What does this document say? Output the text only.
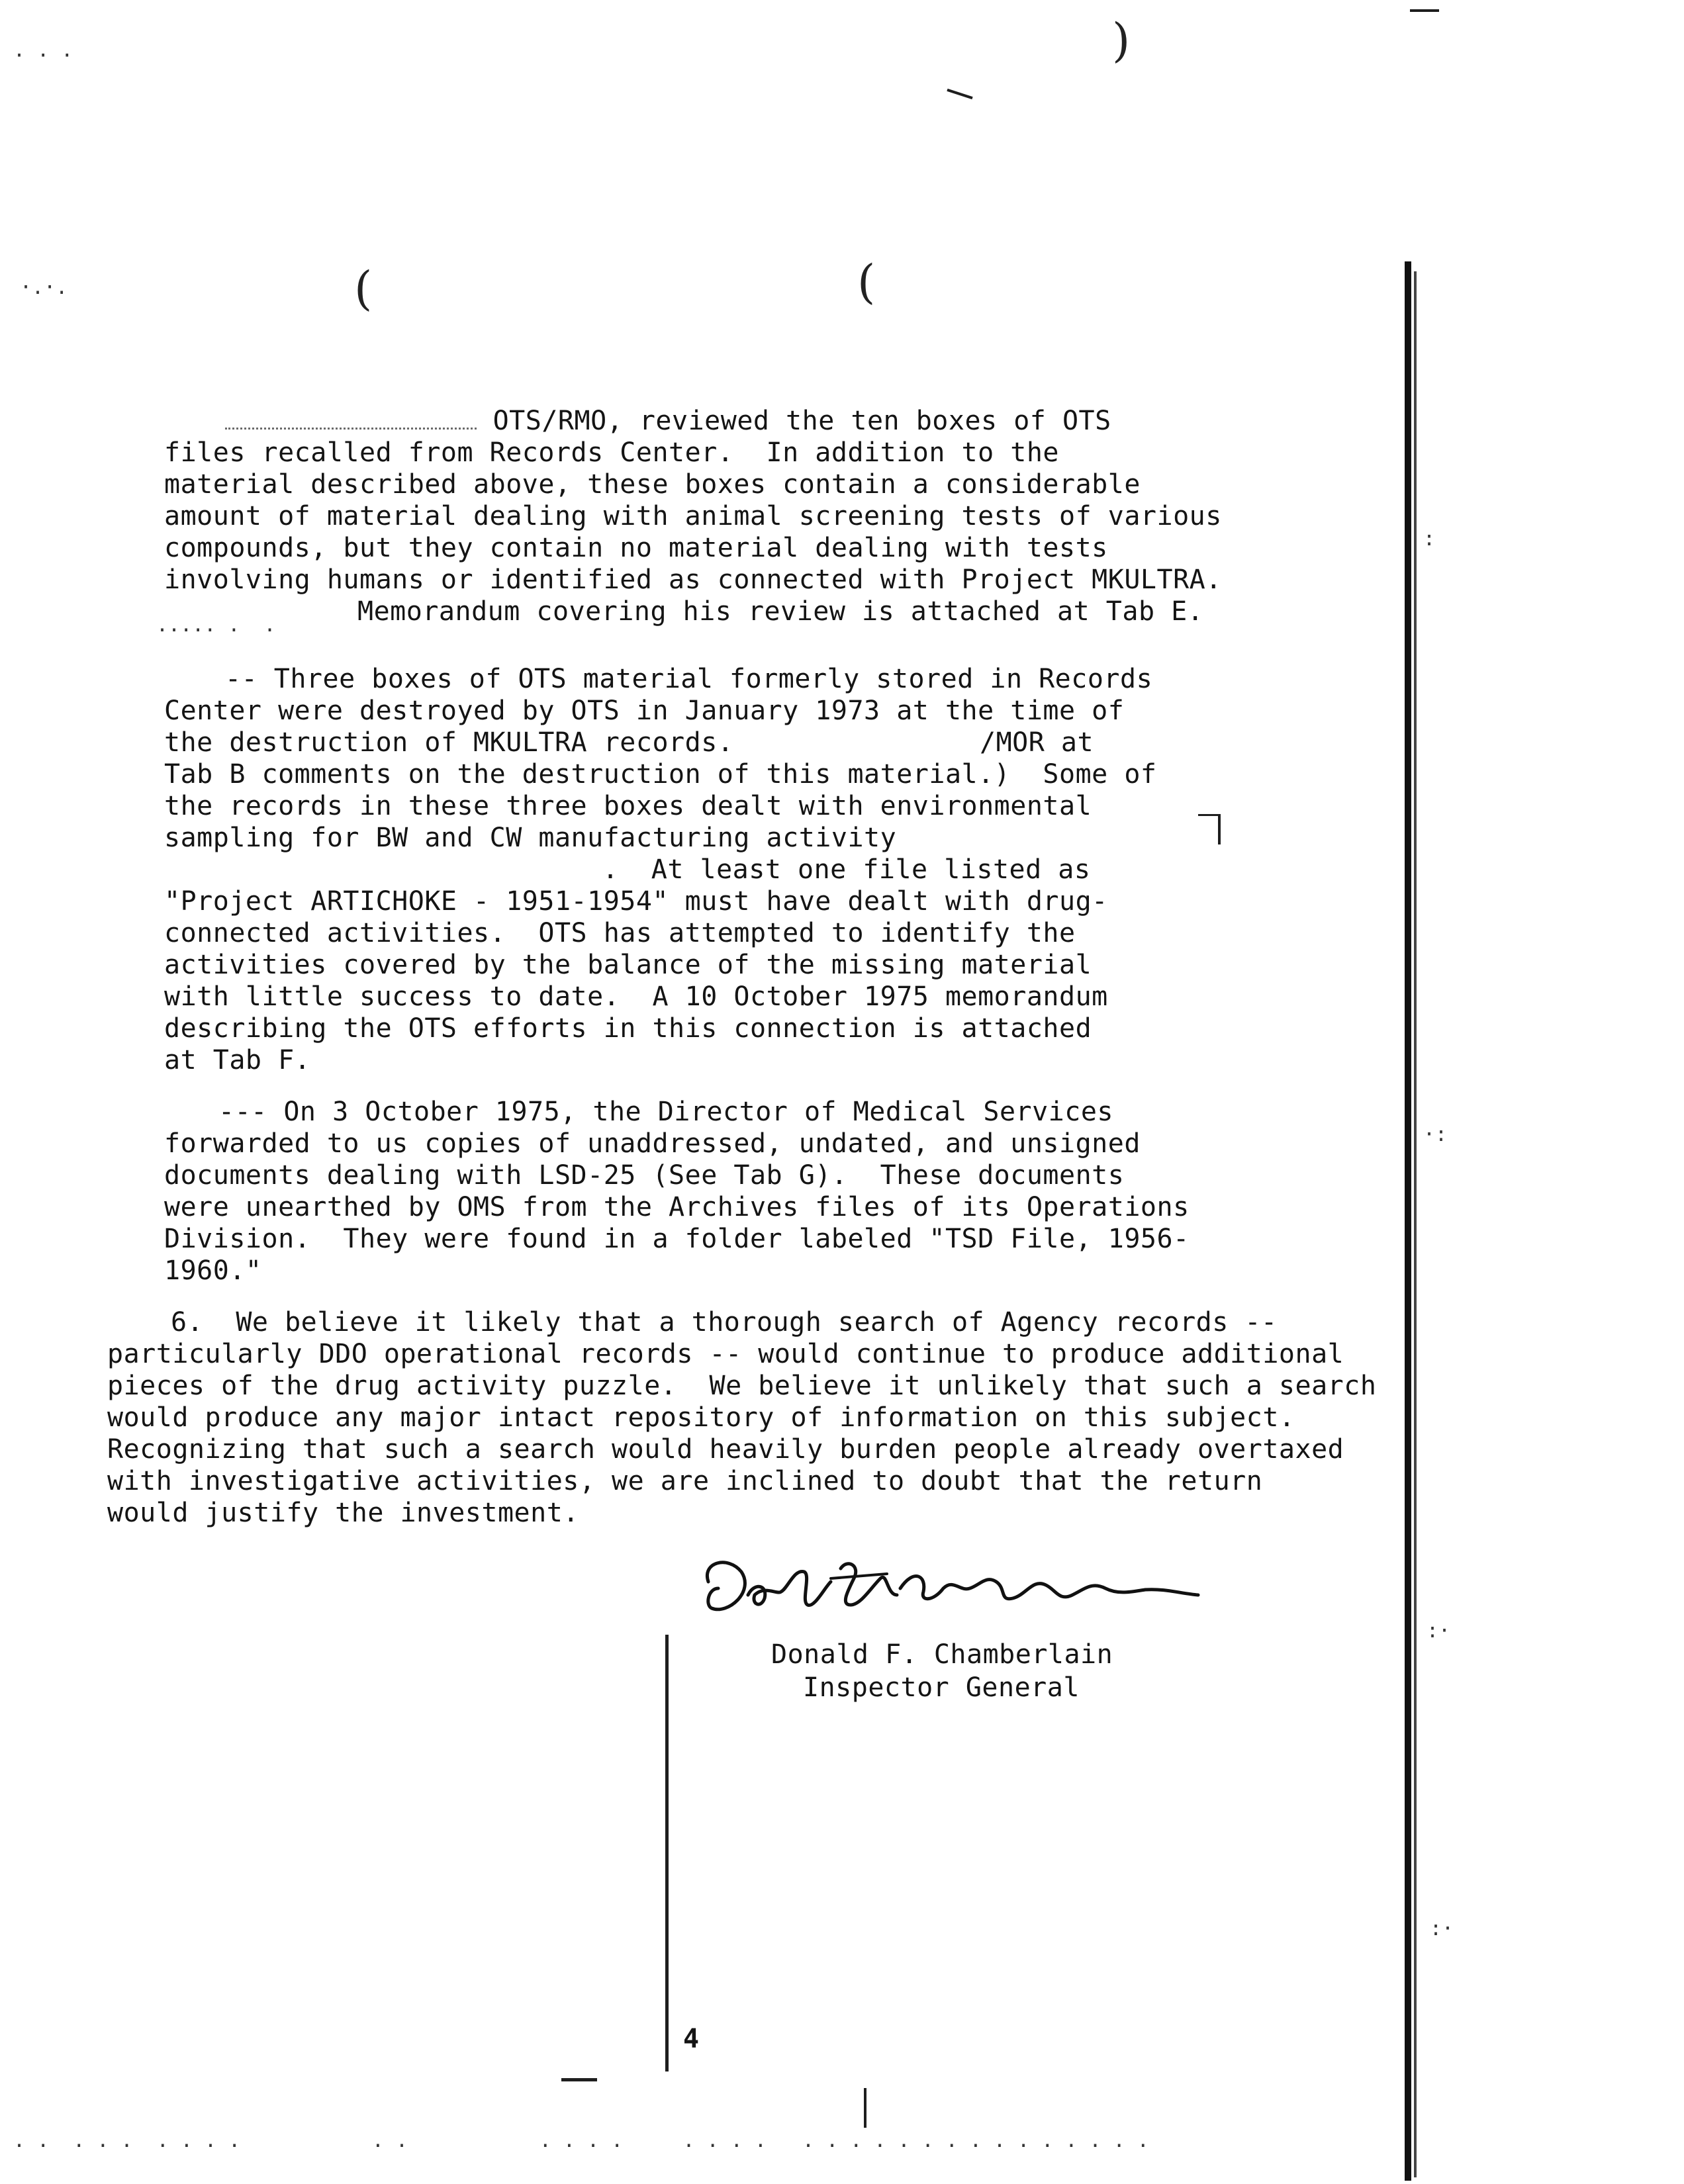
)
(	(
:
·:
:·
:·
·.·.
· · ·
OTS/RMO, reviewed the ten boxes of OTS
files recalled from Records Center.  In addition to the
material described above, these boxes contain a considerable
amount of material dealing with animal screening tests of various
compounds, but they contain no material dealing with tests
involving humans or identified as connected with Project MKULTRA.
Memorandum covering his review is attached at Tab E.
..... .  .
-- Three boxes of OTS material formerly stored in Records
Center were destroyed by OTS in January 1973 at the time of
the destruction of MKULTRA records.	/MOR at
Tab B comments on the destruction of this material.)  Some of
the records in these three boxes dealt with environmental
sampling for BW and CW manufacturing activity
.  At least one file listed as
"Project ARTICHOKE - 1951-1954" must have dealt with drug-
connected activities.  OTS has attempted to identify the
activities covered by the balance of the missing material
with little success to date.  A 10 October 1975 memorandum
describing the OTS efforts in this connection is attached
at Tab F.
--- On 3 October 1975, the Director of Medical Services
forwarded to us copies of unaddressed, undated, and unsigned
documents dealing with LSD-25 (See Tab G).  These documents
were unearthed by OMS from the Archives files of its Operations
Division.  They were found in a folder labeled "TSD File, 1956-
1960."
6.  We believe it likely that a thorough search of Agency records --
particularly DDO operational records -- would continue to produce additional
pieces of the drug activity puzzle.  We believe it unlikely that such a search
would produce any major intact repository of information on this subject.
Recognizing that such a search would heavily burden people already overtaxed
with investigative activities, we are inclined to doubt that the return
would justify the investment.
Donald F. Chamberlain
Inspector General
4
. .  . . .  . . . .           . .           . . . .     . . . .   . . . . . . . . . . . . . . .
